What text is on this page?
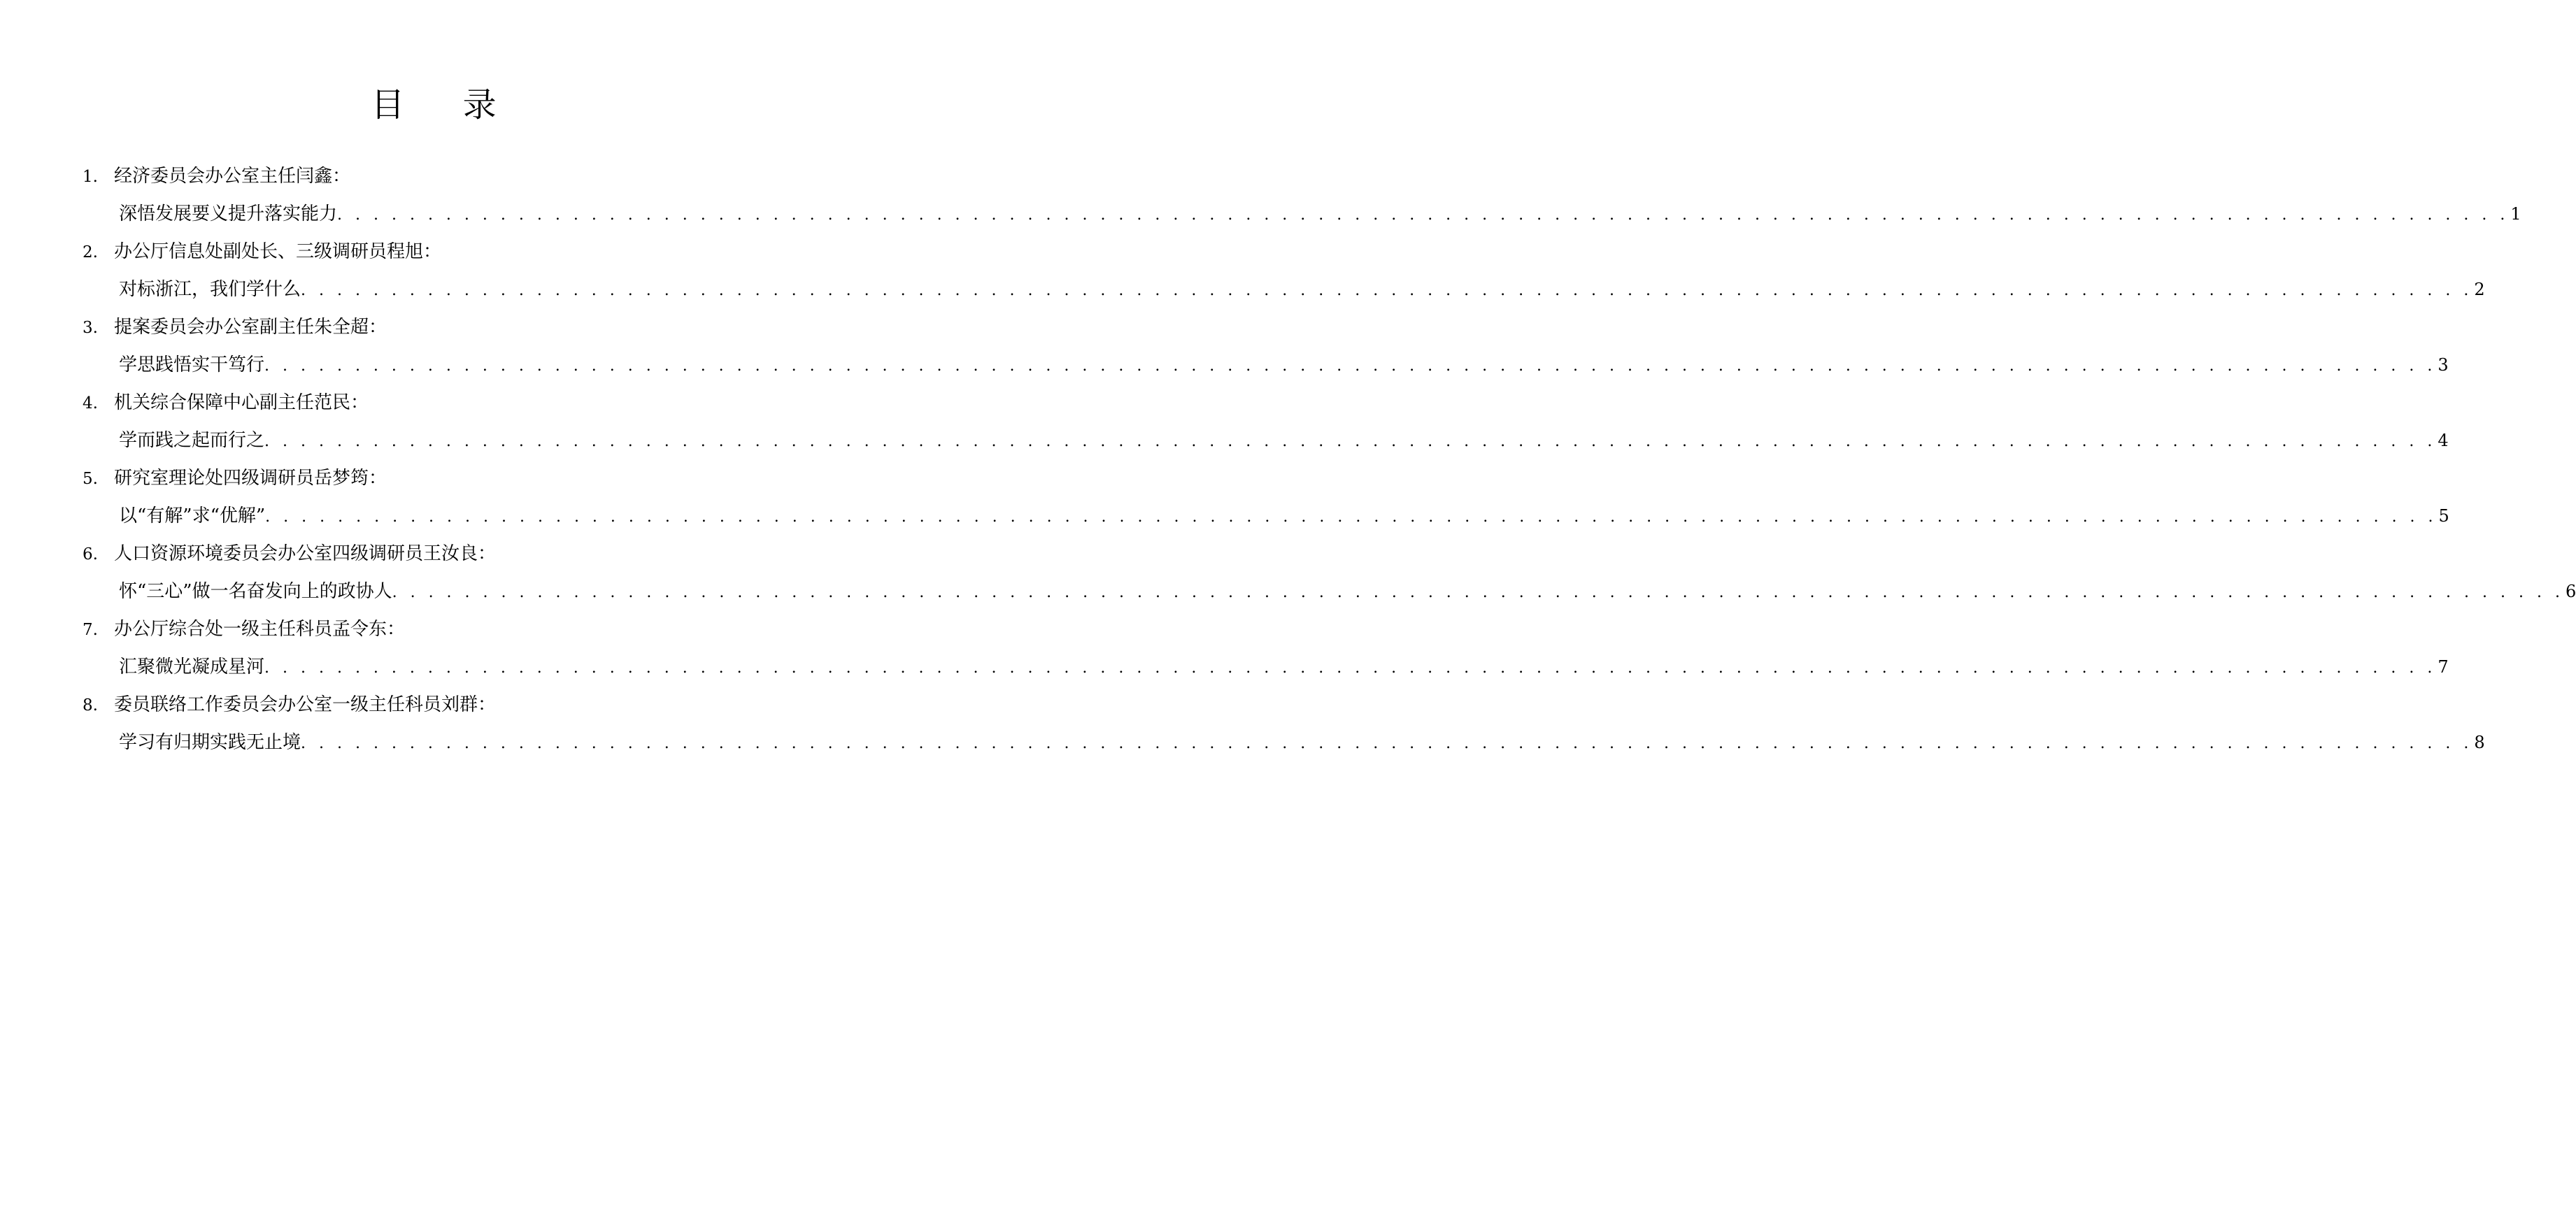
目 录
1. 经济委员会办公室主任闫鑫：
深悟发展要义提升落实能力 . . . . . . . . . . . . . . . . . . . . . . . . . . . . . . . . . . . . . . . . . . . . . . . . . . . . . . . . . . . . . . . . . . . . . . . . . . . . . . . . . . . . . . . . . . . . . . . . . . . . . . . . . . . . . . . . . . . . . . . . 1
2. 办公厅信息处副处长、三级调研员程旭：
对标浙江，我们学什么 . . . . . . . . . . . . . . . . . . . . . . . . . . . . . . . . . . . . . . . . . . . . . . . . . . . . . . . . . . . . . . . . . . . . . . . . . . . . . . . . . . . . . . . . . . . . . . . . . . . . . . . . . . . . . . . . . . . . . . . . 2
3. 提案委员会办公室副主任朱全超：
学思践悟实干笃行 . . . . . . . . . . . . . . . . . . . . . . . . . . . . . . . . . . . . . . . . . . . . . . . . . . . . . . . . . . . . . . . . . . . . . . . . . . . . . . . . . . . . . . . . . . . . . . . . . . . . . . . . . . . . . . . . . . . . . . . . 3
4. 机关综合保障中心副主任范民：
学而践之起而行之 . . . . . . . . . . . . . . . . . . . . . . . . . . . . . . . . . . . . . . . . . . . . . . . . . . . . . . . . . . . . . . . . . . . . . . . . . . . . . . . . . . . . . . . . . . . . . . . . . . . . . . . . . . . . . . . . . . . . . . . . 4
5. 研究室理论处四级调研员岳梦筠：
以“有解”求“优解” . . . . . . . . . . . . . . . . . . . . . . . . . . . . . . . . . . . . . . . . . . . . . . . . . . . . . . . . . . . . . . . . . . . . . . . . . . . . . . . . . . . . . . . . . . . . . . . . . . . . . . . . . . . . . . . . . . . . . . . . 5
6. 人口资源环境委员会办公室四级调研员王汝良：
怀“三心”做一名奋发向上的政协人 . . . . . . . . . . . . . . . . . . . . . . . . . . . . . . . . . . . . . . . . . . . . . . . . . . . . . . . . . . . . . . . . . . . . . . . . . . . . . . . . . . . . . . . . . . . . . . . . . . . . . . . . . . . . . . . . . . . . . . . . 6
7. 办公厅综合处一级主任科员孟令东：
汇聚微光凝成星河 . . . . . . . . . . . . . . . . . . . . . . . . . . . . . . . . . . . . . . . . . . . . . . . . . . . . . . . . . . . . . . . . . . . . . . . . . . . . . . . . . . . . . . . . . . . . . . . . . . . . . . . . . . . . . . . . . . . . . . . . 7
8. 委员联络工作委员会办公室一级主任科员刘群：
学习有归期实践无止境 . . . . . . . . . . . . . . . . . . . . . . . . . . . . . . . . . . . . . . . . . . . . . . . . . . . . . . . . . . . . . . . . . . . . . . . . . . . . . . . . . . . . . . . . . . . . . . . . . . . . . . . . . . . . . . . . . . . . . . . . 8
